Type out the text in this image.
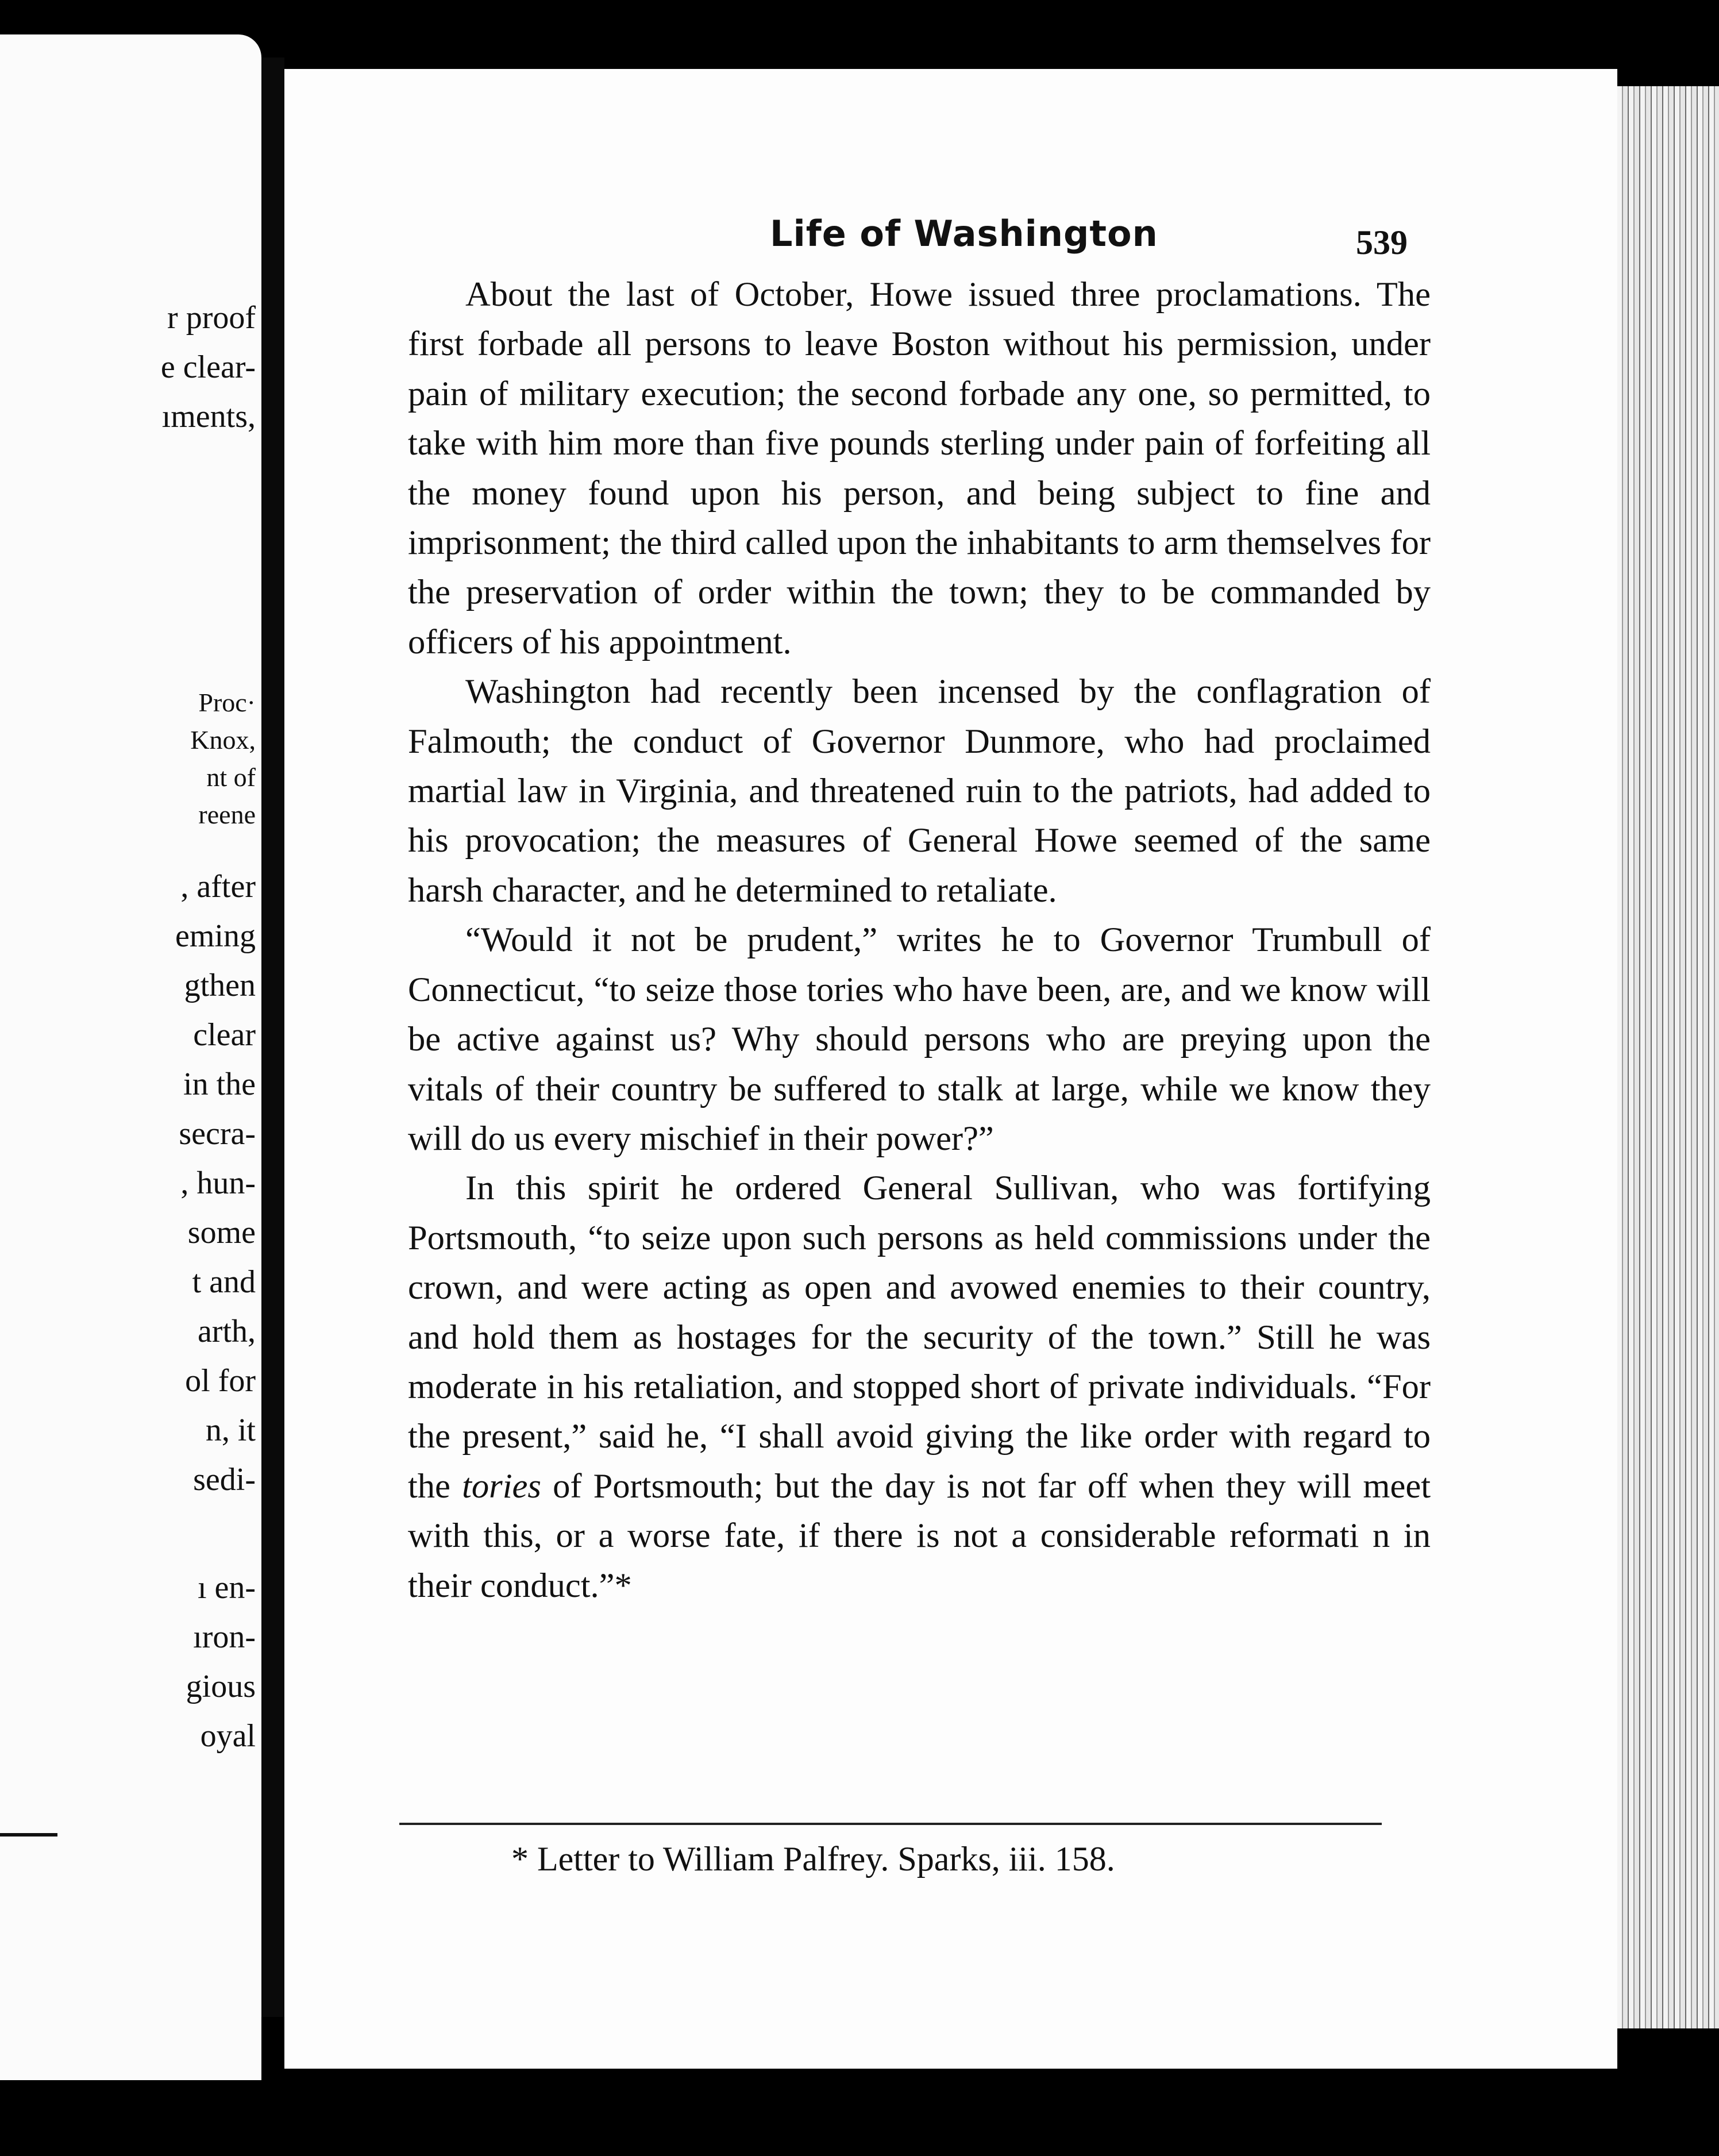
r proof
e clear-
ıments,
Proc·
Knox,
nt of
reene
, after
eming
gthen
clear
in the
secra-
, hun-
some
t and
arth,
ol for
n, it
sedi-
ı en-
ıron-
gious
oyal
Life of Washington	539

About the last of October, Howe issued three proclamations. The first forbade all persons to leave Boston without his permission, under pain of military execution; the second forbade any one, so permitted, to take with him more than five pounds sterling under pain of forfeiting all the money found upon his person, and being subject to fine and imprisonment; the third called upon the inhabitants to arm themselves for the preservation of order within the town; they to be commanded by officers of his appointment.

Washington had recently been incensed by the conflagration of Falmouth; the conduct of Governor Dunmore, who had proclaimed martial law in Virginia, and threatened ruin to the patriots, had added to his provocation; the measures of General Howe seemed of the same harsh character, and he determined to retaliate.

“Would it not be prudent,” writes he to Governor Trumbull of Connecticut, “to seize those tories who have been, are, and we know will be active against us? Why should persons who are preying upon the vitals of their country be suffered to stalk at large, while we know they will do us every mischief in their power?”

In this spirit he ordered General Sullivan, who was fortifying Portsmouth, “to seize upon such persons as held commissions under the crown, and were acting as open and avowed enemies to their country, and hold them as hostages for the security of the town.” Still he was moderate in his retaliation, and stopped short of private individuals. “For the present,” said he, “I shall avoid giving the like order with regard to the tories of Portsmouth; but the day is not far off when they will meet with this, or a worse fate, if there is not a considerable reformati n in their conduct.”*

* Letter to William Palfrey. Sparks, iii. 158.
